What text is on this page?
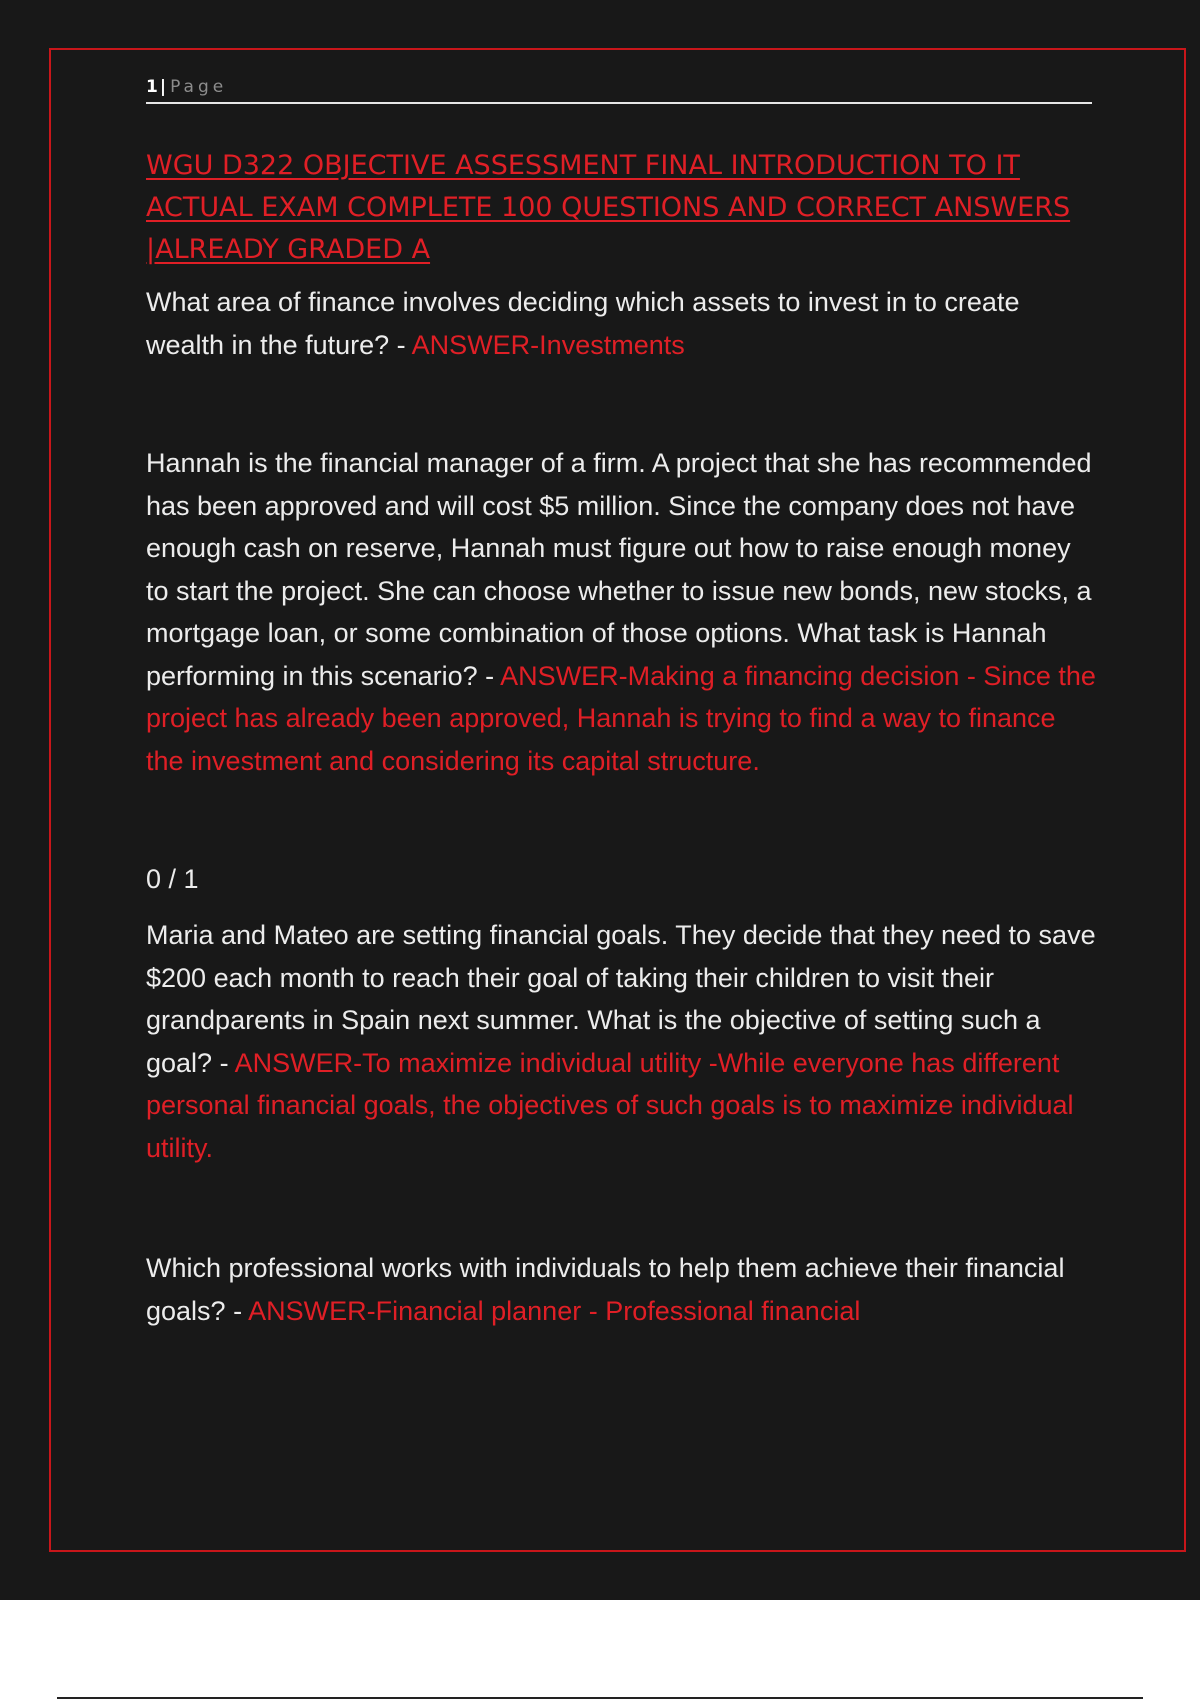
1 | Page
WGU D322 OBJECTIVE ASSESSMENT FINAL INTRODUCTION TO IT ACTUAL EXAM COMPLETE 100 QUESTIONS AND CORRECT ANSWERS |ALREADY GRADED A

What area of finance involves deciding which assets to invest in to create wealth in the future? - ANSWER-Investments

Hannah is the financial manager of a firm. A project that she has recommended has been approved and will cost $5 million. Since the company does not have enough cash on reserve, Hannah must figure out how to raise enough money to start the project. She can choose whether to issue new bonds, new stocks, a mortgage loan, or some combination of those options. What task is Hannah performing in this scenario? - ANSWER-Making a financing decision - Since the project has already been approved, Hannah is trying to find a way to finance the investment and considering its capital structure.

0 / 1

Maria and Mateo are setting financial goals. They decide that they need to save $200 each month to reach their goal of taking their children to visit their grandparents in Spain next summer. What is the objective of setting such a goal? - ANSWER-To maximize individual utility -While everyone has different personal financial goals, the objectives of such goals is to maximize individual utility.

Which professional works with individuals to help them achieve their financial goals? - ANSWER-Financial planner - Professional financial
